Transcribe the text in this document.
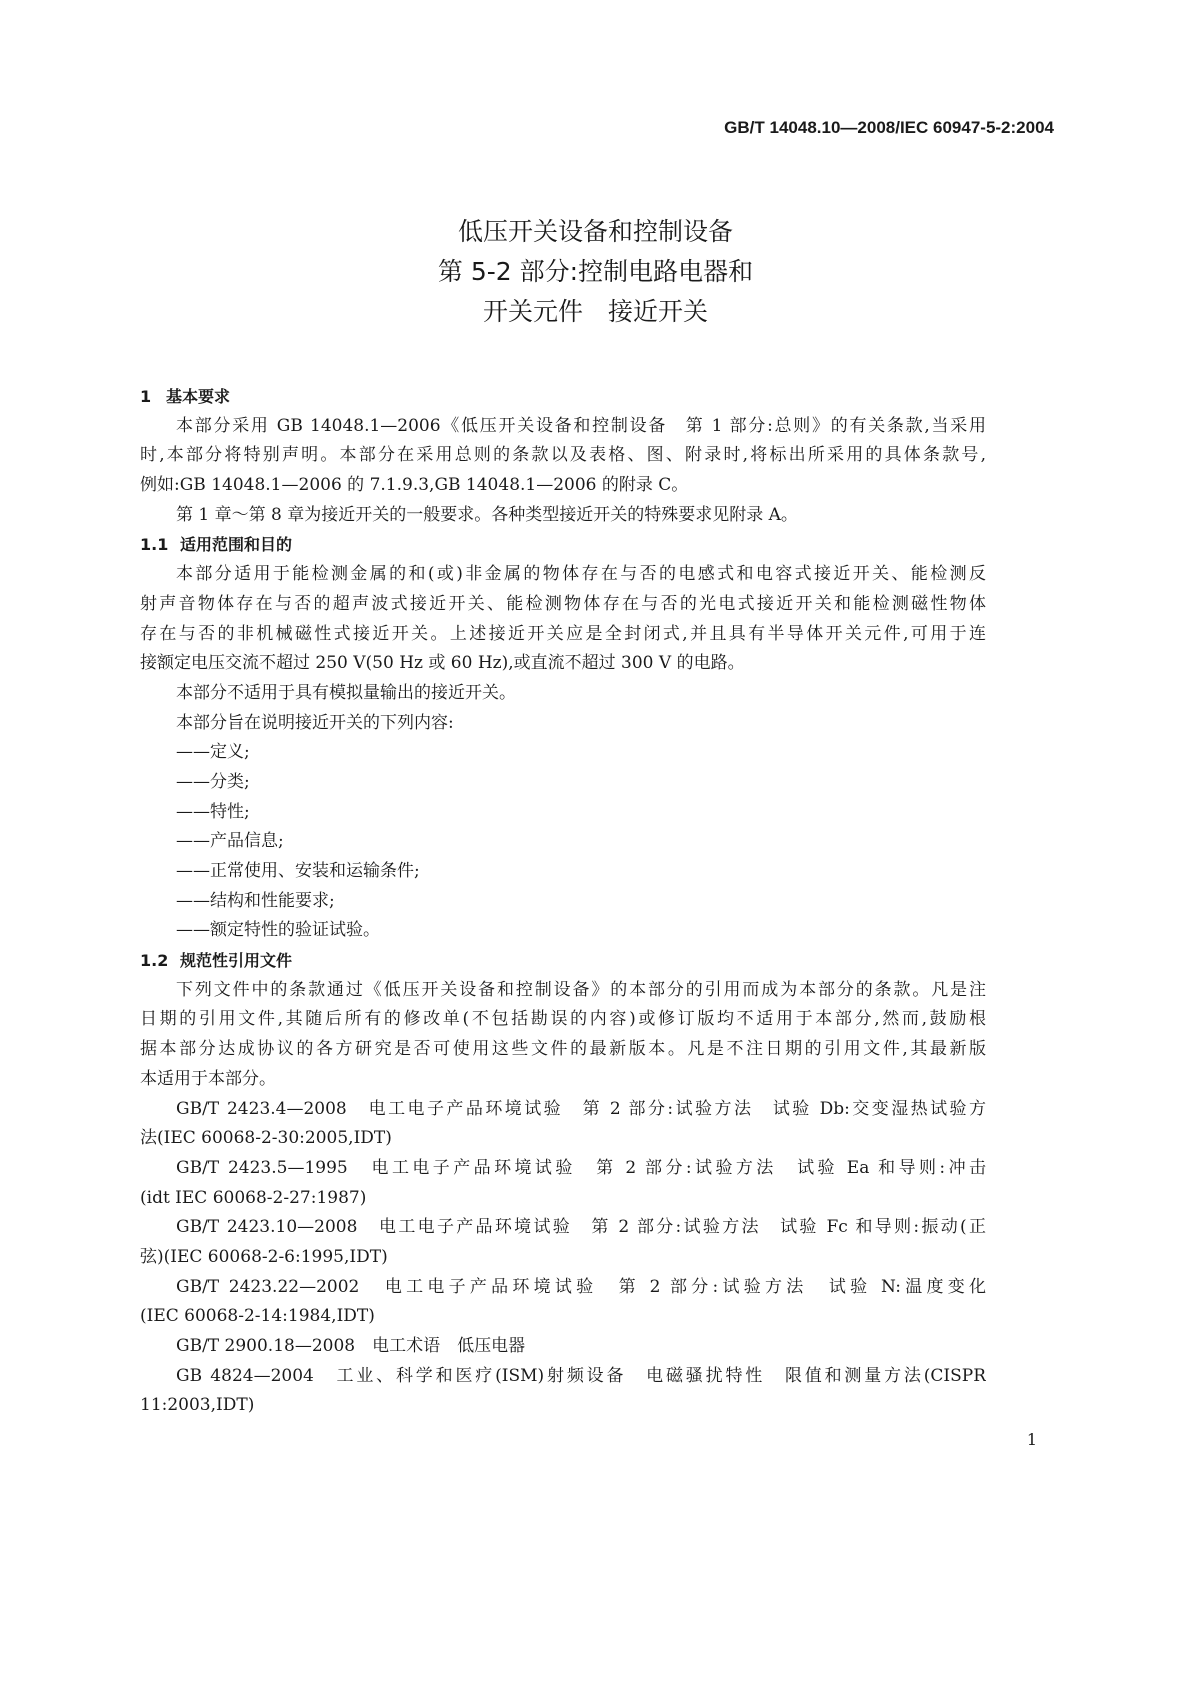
GB/T 14048.10—2008/IEC 60947-5-2:2004
低压开关设备和控制设备
第 5-2 部分:控制电路电器和
开关元件　接近开关
1 基本要求
本部分采用 GB 14048.1—2006《低压开关设备和控制设备　第 1 部分:总则》的有关条款,当采用
时,本部分将特别声明。本部分在采用总则的条款以及表格、图、附录时,将标出所采用的具体条款号,
例如:GB 14048.1—2006 的 7.1.9.3,GB 14048.1—2006 的附录 C。
第 1 章～第 8 章为接近开关的一般要求。各种类型接近开关的特殊要求见附录 A。
1.1 适用范围和目的
本部分适用于能检测金属的和(或)非金属的物体存在与否的电感式和电容式接近开关、能检测反
射声音物体存在与否的超声波式接近开关、能检测物体存在与否的光电式接近开关和能检测磁性物体
存在与否的非机械磁性式接近开关。上述接近开关应是全封闭式,并且具有半导体开关元件,可用于连
接额定电压交流不超过 250 V(50 Hz 或 60 Hz),或直流不超过 300 V 的电路。
本部分不适用于具有模拟量输出的接近开关。
本部分旨在说明接近开关的下列内容:
——定义;
——分类;
——特性;
——产品信息;
——正常使用、安装和运输条件;
——结构和性能要求;
——额定特性的验证试验。
1.2 规范性引用文件
下列文件中的条款通过《低压开关设备和控制设备》的本部分的引用而成为本部分的条款。凡是注
日期的引用文件,其随后所有的修改单(不包括勘误的内容)或修订版均不适用于本部分,然而,鼓励根
据本部分达成协议的各方研究是否可使用这些文件的最新版本。凡是不注日期的引用文件,其最新版
本适用于本部分。
GB/T 2423.4—2008　电工电子产品环境试验　第 2 部分:试验方法　试验 Db:交变湿热试验方
法(IEC 60068-2-30:2005,IDT)
GB/T 2423.5—1995　电工电子产品环境试验　第 2 部分:试验方法　试验 Ea 和导则:冲击
(idt IEC 60068-2-27:1987)
GB/T 2423.10—2008　电工电子产品环境试验　第 2 部分:试验方法　试验 Fc 和导则:振动(正
弦)(IEC 60068-2-6:1995,IDT)
GB/T 2423.22—2002　电工电子产品环境试验　第 2 部分:试验方法　试验 N:温度变化
(IEC 60068-2-14:1984,IDT)
GB/T 2900.18—2008　电工术语　低压电器
GB 4824—2004　工业、科学和医疗(ISM)射频设备　电磁骚扰特性　限值和测量方法(CISPR
11:2003,IDT)
1
